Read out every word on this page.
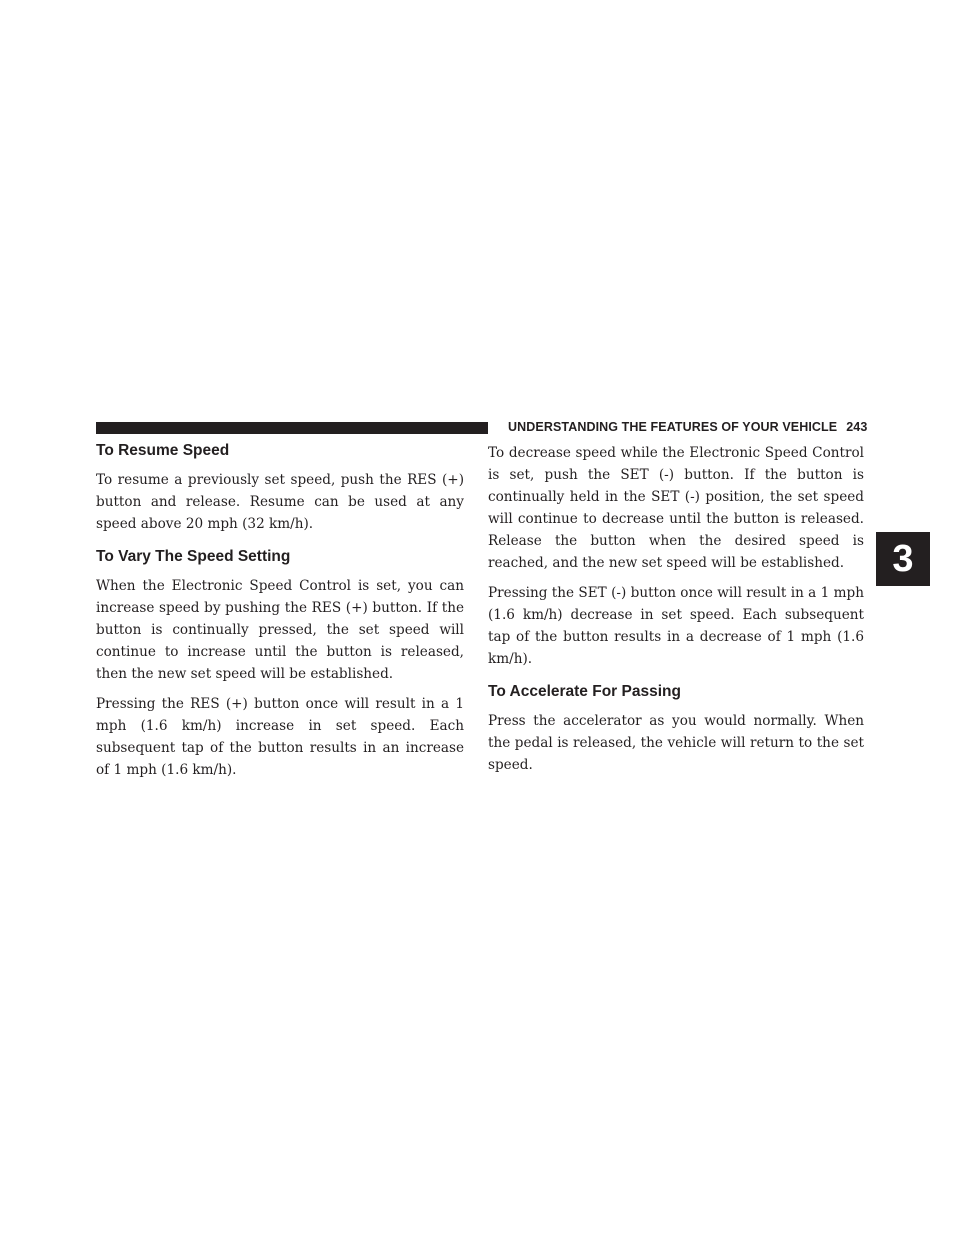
UNDERSTANDING THE FEATURES OF YOUR VEHICLE 243
3
To Resume Speed

To resume a previously set speed, push the RES (+) button and release. Resume can be used at any speed above 20 mph (32 km/h).

To Vary The Speed Setting

When the Electronic Speed Control is set, you can increase speed by pushing the RES (+) button. If the button is continually pressed, the set speed will continue to increase until the button is released, then the new set speed will be established.

Pressing the RES (+) button once will result in a 1 mph (1.6 km/h) increase in set speed. Each subsequent tap of the button results in an increase of 1 mph (1.6 km/h).

To decrease speed while the Electronic Speed Control is set, push the SET (-) button. If the button is continually held in the SET (-) position, the set speed will continue to decrease until the button is released. Release the button when the desired speed is reached, and the new set speed will be established.

Pressing the SET (-) button once will result in a 1 mph (1.6 km/h) decrease in set speed. Each subsequent tap of the button results in a decrease of 1 mph (1.6 km/h).

To Accelerate For Passing

Press the accelerator as you would normally. When the pedal is released, the vehicle will return to the set speed.
